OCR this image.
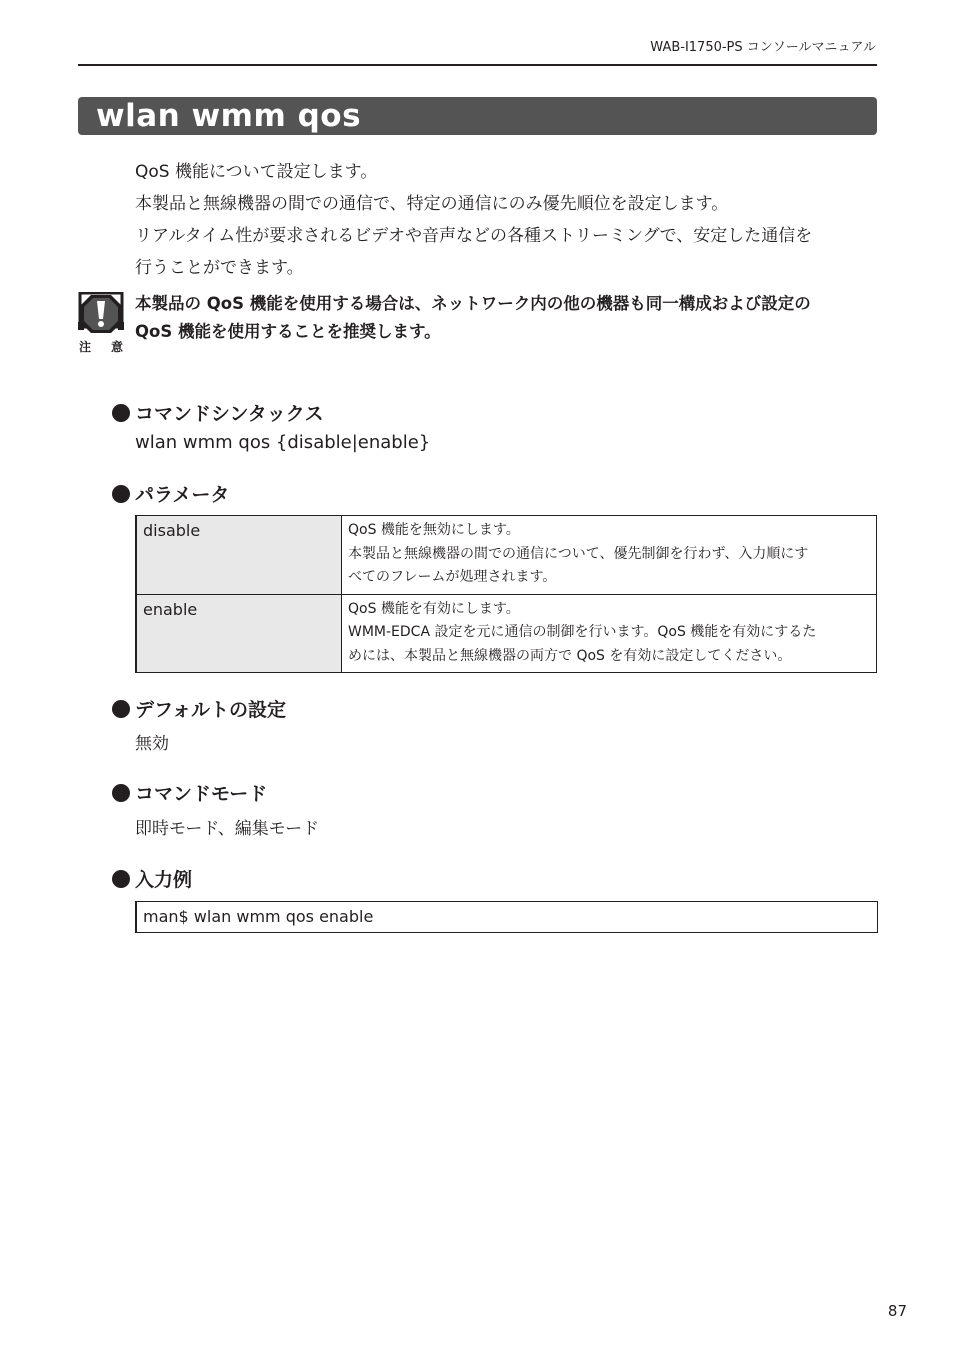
WAB-I1750-PS コンソールマニュアル
wlan wmm qos

QoS 機能について設定します。

本製品と無線機器の間での通信で、特定の通信にのみ優先順位を設定します。

リアルタイム性が要求されるビデオや音声などの各種ストリーミングで、安定した通信を

行うことができます。

注 意

本製品の QoS 機能を使用する場合は、ネットワーク内の他の機器も同一構成および設定の

QoS 機能を使用することを推奨します。

コマンドシンタックス
wlan wmm qos {disable|enable}
パラメータ
disable	QoS 機能を無効にします。
本製品と無線機器の間での通信について、優先制御を行わず、入力順にす
べてのフレームが処理されます。

enable	QoS 機能を有効にします。
WMM-EDCA 設定を元に通信の制御を行います。QoS 機能を有効にするた
めには、本製品と無線機器の両方で QoS を有効に設定してください。
デフォルトの設定
無効
コマンドモード
即時モード、編集モード
入力例
man$ wlan wmm qos enable
87
